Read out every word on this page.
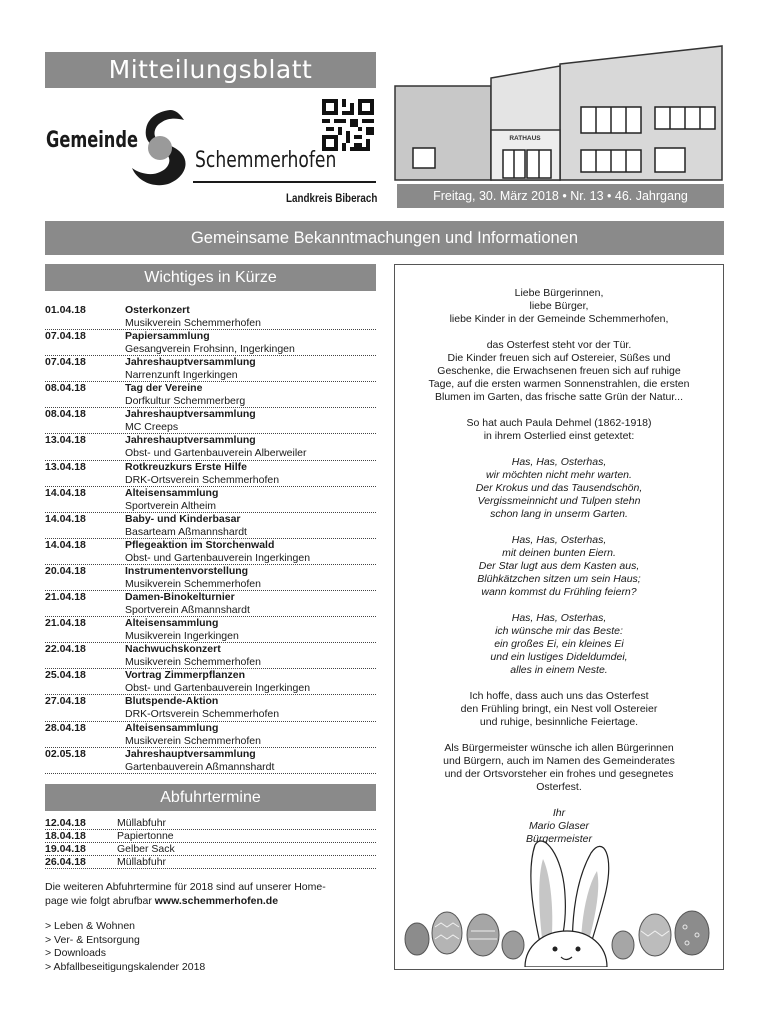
Mitteilungsblatt
Gemeinde
Schemmerhofen
Landkreis Biberach
RATHAUS
Freitag, 30. März 2018 • Nr. 13 • 46. Jahrgang
Gemeinsame Bekanntmachungen und Informationen
Wichtiges in Kürze
01.04.18	Osterkonzert
Musikverein Schemmerhofen
07.04.18	Papiersammlung
Gesangverein Frohsinn, Ingerkingen
07.04.18	Jahreshauptversammlung
Narrenzunft Ingerkingen
08.04.18	Tag der Vereine
Dorfkultur Schemmerberg
08.04.18	Jahreshauptversammlung
MC Creeps
13.04.18	Jahreshauptversammlung
Obst- und Gartenbauverein Alberweiler
13.04.18	Rotkreuzkurs Erste Hilfe
DRK-Ortsverein Schemmerhofen
14.04.18	Alteisensammlung
Sportverein Altheim
14.04.18	Baby- und Kinderbasar
Basarteam Aßmannshardt
14.04.18	Pflegeaktion im Storchenwald
Obst- und Gartenbauverein Ingerkingen
20.04.18	Instrumentenvorstellung
Musikverein Schemmerhofen
21.04.18	Damen-Binokelturnier
Sportverein Aßmannshardt
21.04.18	Alteisensammlung
Musikverein Ingerkingen
22.04.18	Nachwuchskonzert
Musikverein Schemmerhofen
25.04.18	Vortrag Zimmerpflanzen
Obst- und Gartenbauverein Ingerkingen
27.04.18	Blutspende-Aktion
DRK-Ortsverein Schemmerhofen
28.04.18	Alteisensammlung
Musikverein Schemmerhofen
02.05.18	Jahreshauptversammlung
Gartenbauverein Aßmannshardt
Abfuhrtermine
12.04.18	Müllabfuhr
18.04.18	Papiertonne
19.04.18	Gelber Sack
26.04.18	Müllabfuhr
Die weiteren Abfuhrtermine für 2018 sind auf unserer Home-
page wie folgt abrufbar www.schemmerhofen.de
> Leben & Wohnen
> Ver- & Entsorgung
> Downloads
> Abfallbeseitigungskalender 2018

Liebe Bürgerinnen,
liebe Bürger,
liebe Kinder in der Gemeinde Schemmerhofen,

das Osterfest steht vor der Tür.
Die Kinder freuen sich auf Ostereier, Süßes und
Geschenke, die Erwachsenen freuen sich auf ruhige
Tage, auf die ersten warmen Sonnenstrahlen, die ersten
Blumen im Garten, das frische satte Grün der Natur...

So hat auch Paula Dehmel (1862-1918)
in ihrem Osterlied einst getextet:

Has, Has, Osterhas,
wir möchten nicht mehr warten.
Der Krokus und das Tausendschön,
Vergissmeinnicht und Tulpen stehn
schon lang in unserm Garten.

Has, Has, Osterhas,
mit deinen bunten Eiern.
Der Star lugt aus dem Kasten aus,
Blühkätzchen sitzen um sein Haus;
wann kommst du Frühling feiern?

Has, Has, Osterhas,
ich wünsche mir das Beste:
ein großes Ei, ein kleines Ei
und ein lustiges Dideldumdei,
alles in einem Neste.

Ich hoffe, dass auch uns das Osterfest
den Frühling bringt, ein Nest voll Ostereier
und ruhige, besinnliche Feiertage.

Als Bürgermeister wünsche ich allen Bürgerinnen
und Bürgern, auch im Namen des Gemeinderates
und der Ortsvorsteher ein frohes und gesegnetes
Osterfest.

Ihr
Mario Glaser
Bürgermeister
